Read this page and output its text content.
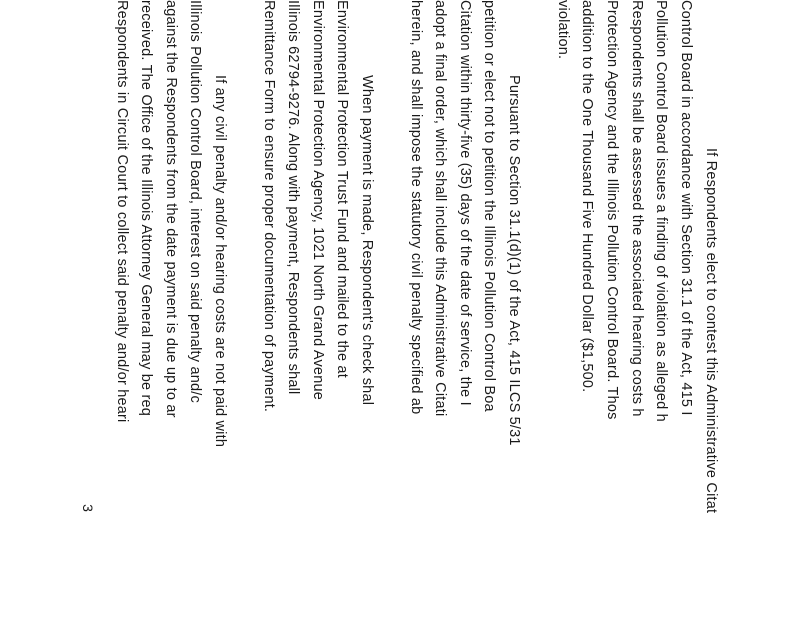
If Respondents elect to contest this Administrative Citat
Control Board in accordance with Section 31.1 of the Act, 415 I
Pollution Control Board issues a finding of violation as alleged h
Respondents shall be assessed the associated hearing costs h
Protection Agency and the Illinois Pollution Control Board. Thos
addition to the One Thousand Five Hundred Dollar ($1,500.
violation.
Pursuant to Section 31.1(d)(1) of the Act, 415 ILCS 5/31
petition or elect not to petition the Illinois Pollution Control Boa
Citation within thirty-five (35) days of the date of service, the I
adopt a final order, which shall include this Administrative Citati
herein, and shall impose the statutory civil penalty specified ab
When payment is made, Respondent's check shal
Environmental Protection Trust Fund and mailed to the at
Environmental Protection Agency, 1021 North Grand Avenue
Illinois 62794-9276. Along with payment, Respondents shall
Remittance Form to ensure proper documentation of payment.
If any civil penalty and/or hearing costs are not paid with
Illinois Pollution Control Board, interest on said penalty and/c
against the Respondents from the date payment is due up to ar
received. The Office of the Illinois Attorney General may be req
Respondents in Circuit Court to collect said penalty and/or heari
3
